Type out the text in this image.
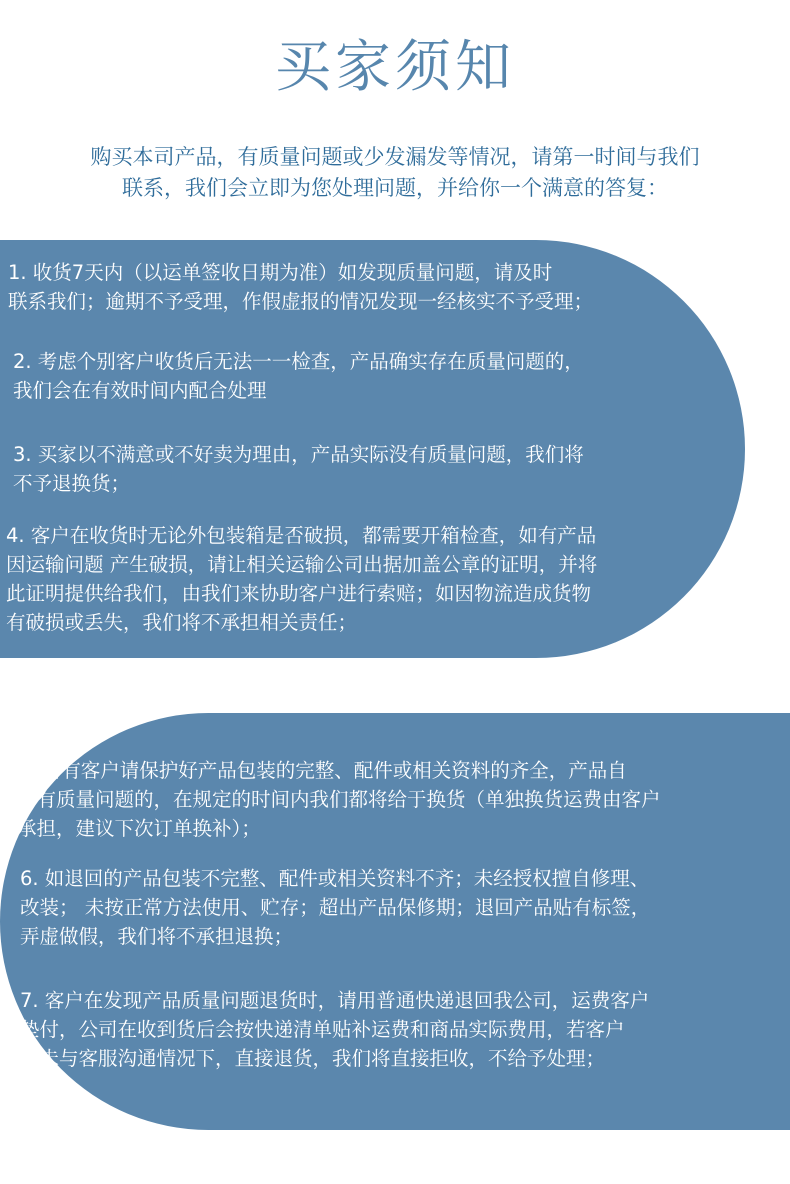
买家须知
购买本司产品，有质量问题或少发漏发等情况，请第一时间与我们
联系，我们会立即为您处理问题，并给你一个满意的答复：
1. 收货7天内（以运单签收日期为准）如发现质量问题，请及时
联系我们；逾期不予受理，作假虚报的情况发现一经核实不予受理；
2. 考虑个别客户收货后无法一一检查，产品确实存在质量问题的，
我们会在有效时间内配合处理
3. 买家以不满意或不好卖为理由，产品实际没有质量问题，我们将
不予退换货；
4. 客户在收货时无论外包装箱是否破损，都需要开箱检查，如有产品
因运输问题 产生破损，请让相关运输公司出据加盖公章的证明，并将
此证明提供给我们，由我们来协助客户进行索赔；如因物流造成货物
有破损或丢失，我们将不承担相关责任；
5. 所有客户请保护好产品包装的完整、配件或相关资料的齐全，产品自
身有质量问题的，在规定的时间内我们都将给于换货（单独换货运费由客户
承担，建议下次订单换补）；
6. 如退回的产品包装不完整、配件或相关资料不齐；未经授权擅自修理、
改装； 未按正常方法使用、贮存；超出产品保修期；退回产品贴有标签，
弄虚做假，我们将不承担退换；
7. 客户在发现产品质量问题退货时，请用普通快递退回我公司，运费客户
垫付，公司在收到货后会按快递清单贴补运费和商品实际费用，若客户
在未与客服沟通情况下，直接退货，我们将直接拒收，不给予处理；
